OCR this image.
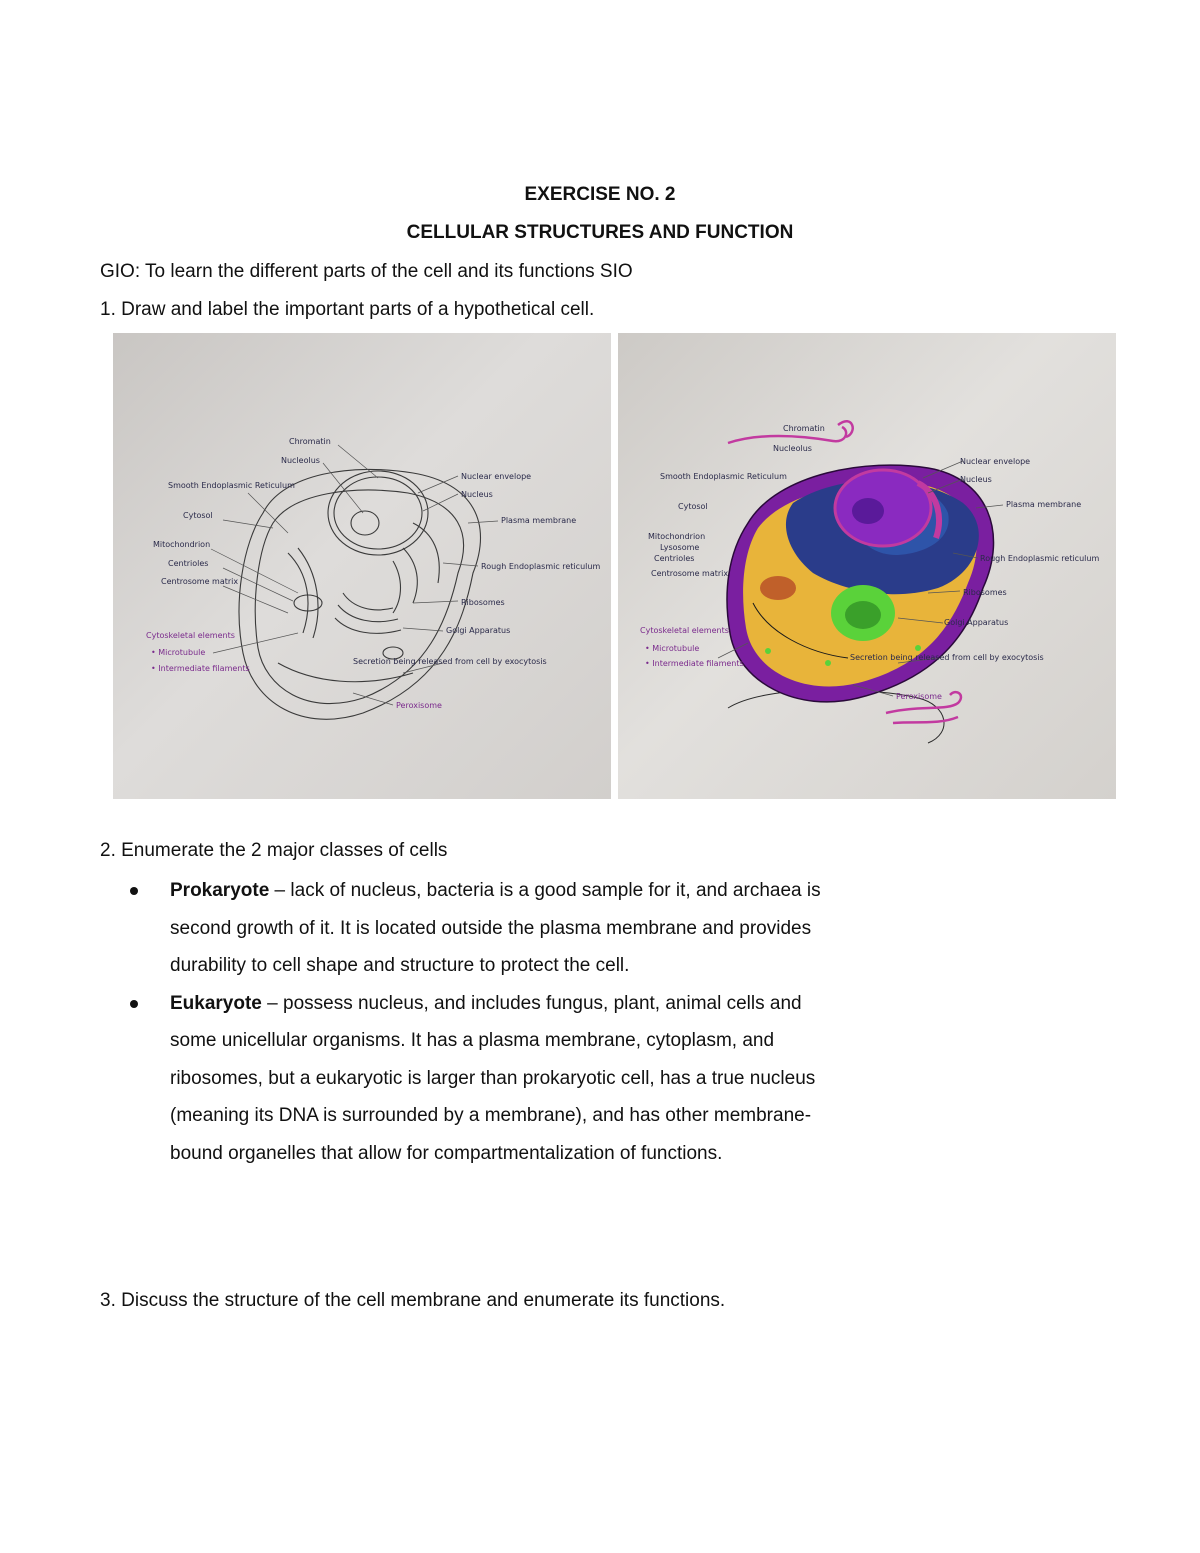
EXERCISE NO. 2
CELLULAR STRUCTURES AND FUNCTION
GIO: To learn the different parts of the cell and its functions SIO
1. Draw and label the important parts of a hypothetical cell.
Chromatin
Nucleolus
Smooth Endoplasmic Reticulum
Cytosol
Mitochondrion
Centrioles
Centrosome matrix
Cytoskeletal elements
• Microtubule
• Intermediate filaments
Nuclear envelope
Nucleus
Plasma membrane
Rough Endoplasmic reticulum
Ribosomes
Golgi Apparatus
Secretion being released from cell by exocytosis
Peroxisome
Chromatin
Nucleolus
Smooth Endoplasmic Reticulum
Cytosol
Mitochondrion
Lysosome
Centrioles
Centrosome matrix
Cytoskeletal elements
• Microtubule
• Intermediate filaments
Nuclear envelope
Nucleus
Plasma membrane
Rough Endoplasmic reticulum
Ribosomes
Golgi Apparatus
Secretion being released from cell by exocytosis
Peroxisome
2. Enumerate the 2 major classes of cells
Prokaryote – lack of nucleus, bacteria is a good sample for it, and archaea is second growth of it. It is located outside the plasma membrane and provides durability to cell shape and structure to protect the cell.
Eukaryote – possess nucleus, and includes fungus, plant, animal cells and some unicellular organisms. It has a plasma membrane, cytoplasm, and ribosomes, but a eukaryotic is larger than prokaryotic cell, has a true nucleus (meaning its DNA is surrounded by a membrane), and has other membrane-bound organelles that allow for compartmentalization of functions.
3. Discuss the structure of the cell membrane and enumerate its functions.
